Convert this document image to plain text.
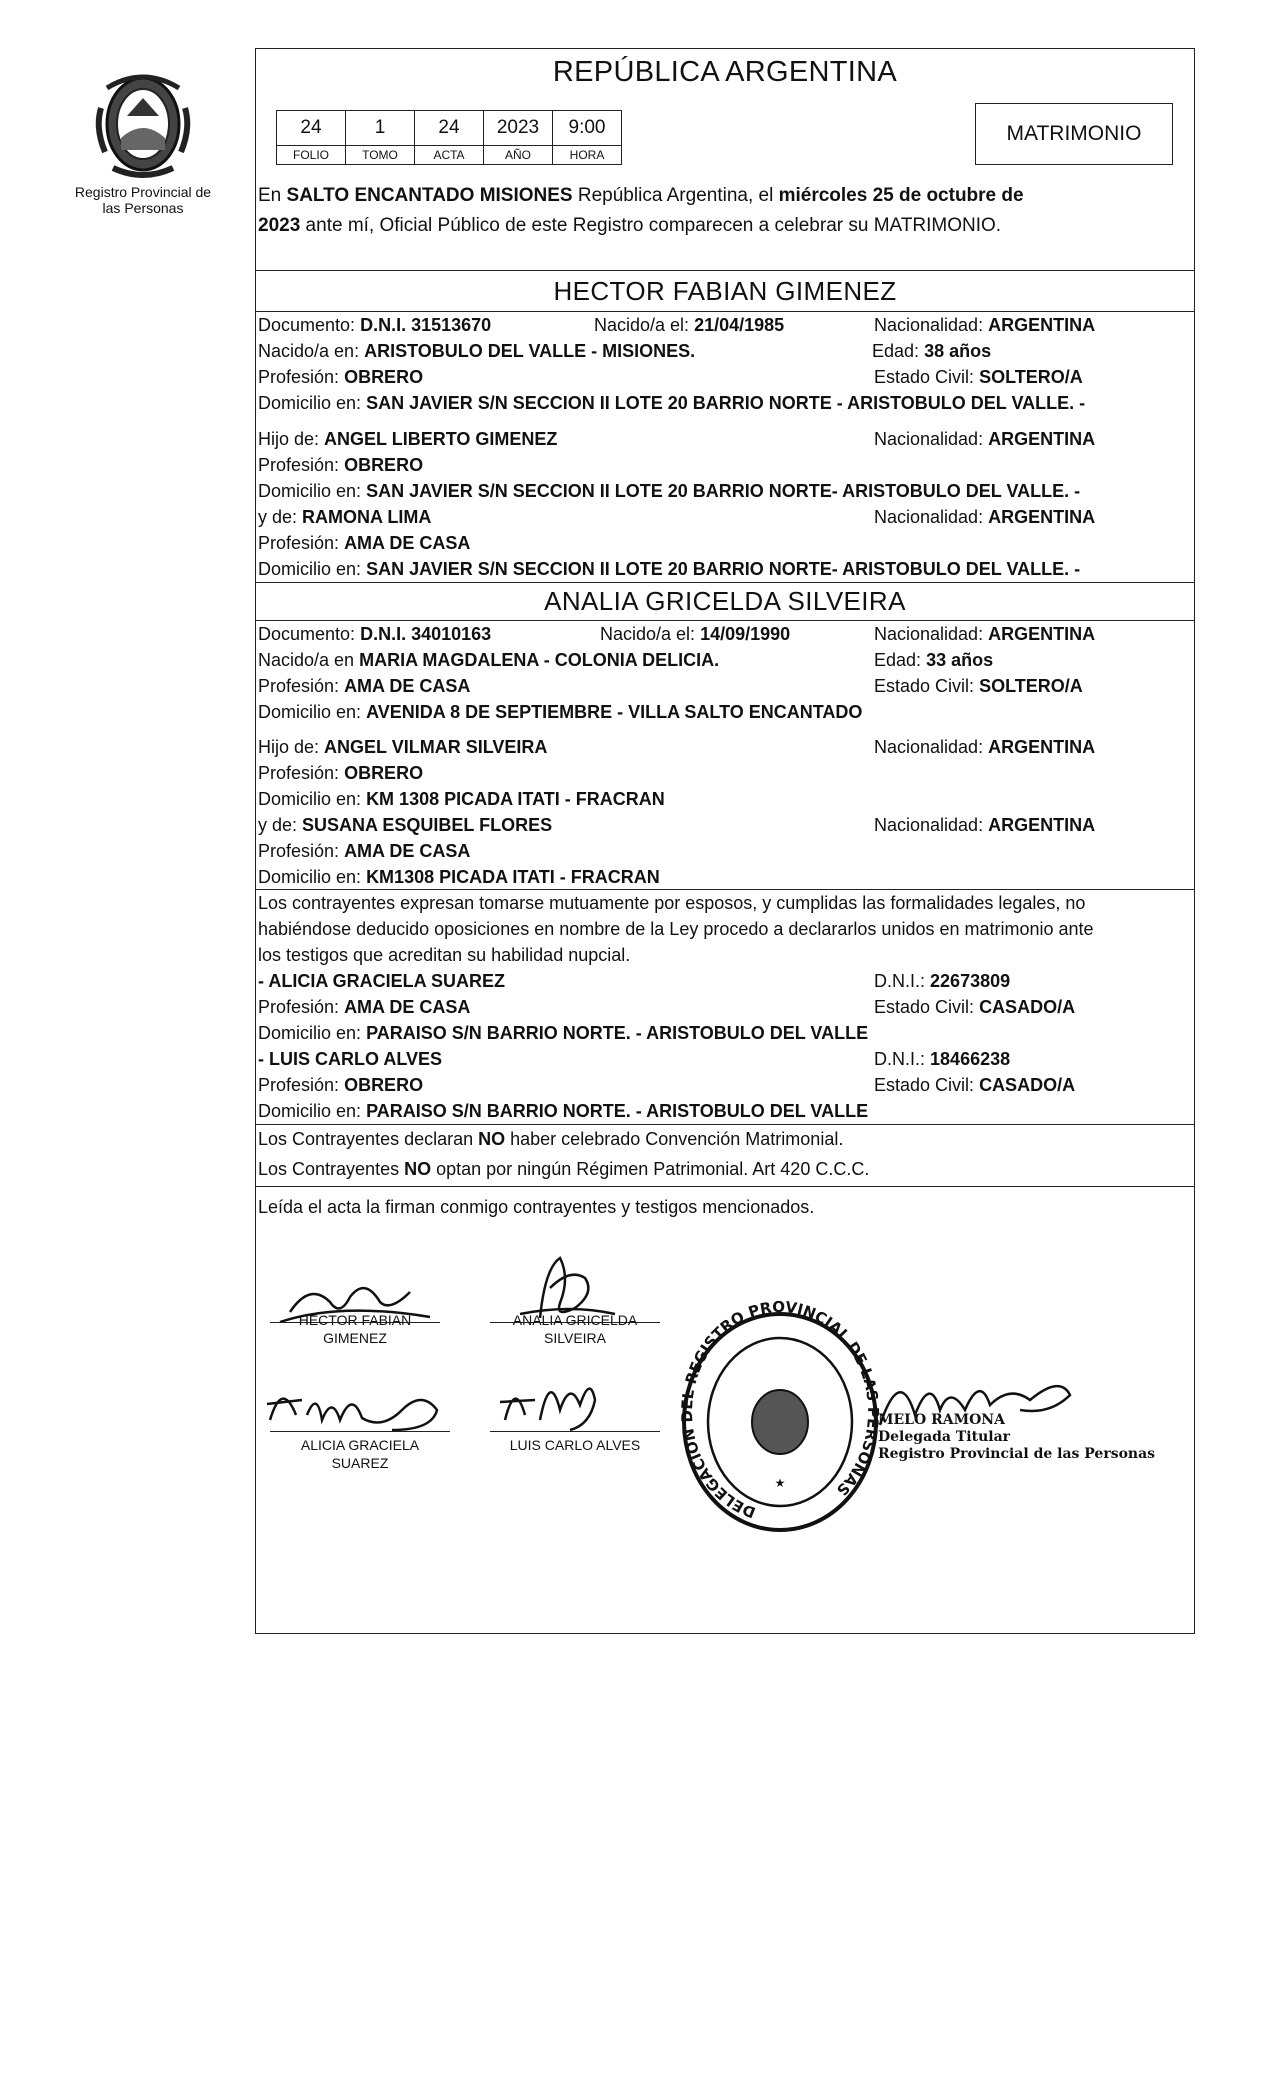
Registro Provincial de las Personas
REPÚBLICA ARGENTINA
24	1	24	2023	9:00
FOLIO	TOMO	ACTA	AÑO	HORA
MATRIMONIO
En SALTO ENCANTADO MISIONES República Argentina, el miércoles 25 de octubre de
2023 ante mí, Oficial Público de este Registro comparecen a celebrar su MATRIMONIO.
HECTOR FABIAN GIMENEZ
Documento: D.N.I. 31513670	Nacido/a el: 21/04/1985	Nacionalidad: ARGENTINA
Nacido/a en: ARISTOBULO DEL VALLE - MISIONES.	Edad: 38 años
Profesión: OBRERO	Estado Civil: SOLTERO/A
Domicilio en: SAN JAVIER S/N SECCION II LOTE 20 BARRIO NORTE - ARISTOBULO DEL VALLE. -
Hijo de: ANGEL LIBERTO GIMENEZ	Nacionalidad: ARGENTINA
Profesión: OBRERO
Domicilio en: SAN JAVIER S/N SECCION II LOTE 20 BARRIO NORTE- ARISTOBULO DEL VALLE. -
y de: RAMONA LIMA	Nacionalidad: ARGENTINA
Profesión: AMA DE CASA
Domicilio en: SAN JAVIER S/N SECCION II LOTE 20 BARRIO NORTE- ARISTOBULO DEL VALLE. -
ANALIA GRICELDA SILVEIRA
Documento: D.N.I. 34010163	Nacido/a el: 14/09/1990	Nacionalidad: ARGENTINA
Nacido/a en MARIA MAGDALENA - COLONIA DELICIA.	Edad: 33 años
Profesión: AMA DE CASA	Estado Civil: SOLTERO/A
Domicilio en: AVENIDA 8 DE SEPTIEMBRE - VILLA SALTO ENCANTADO
Hijo de: ANGEL VILMAR SILVEIRA	Nacionalidad: ARGENTINA
Profesión: OBRERO
Domicilio en: KM 1308 PICADA ITATI - FRACRAN
y de: SUSANA ESQUIBEL FLORES	Nacionalidad: ARGENTINA
Profesión: AMA DE CASA
Domicilio en: KM1308 PICADA ITATI - FRACRAN
Los contrayentes expresan tomarse mutuamente por esposos, y cumplidas las formalidades legales, no
habiéndose deducido oposiciones en nombre de la Ley procedo a declararlos unidos en matrimonio ante
los testigos que acreditan su habilidad nupcial.
- ALICIA GRACIELA SUAREZ	D.N.I.: 22673809
Profesión: AMA DE CASA	Estado Civil: CASADO/A
Domicilio en: PARAISO S/N BARRIO NORTE. - ARISTOBULO DEL VALLE
- LUIS CARLO ALVES	D.N.I.: 18466238
Profesión: OBRERO	Estado Civil: CASADO/A
Domicilio en: PARAISO S/N BARRIO NORTE. - ARISTOBULO DEL VALLE
Los Contrayentes declaran NO haber celebrado Convención Matrimonial.
Los Contrayentes NO optan por ningún Régimen Patrimonial. Art 420 C.C.C.
Leída el acta la firman conmigo contrayentes y testigos mencionados.
HECTOR FABIAN
GIMENEZ
ANALIA GRICELDA
SILVEIRA
ALICIA GRACIELA
SUAREZ
LUIS CARLO ALVES
DELEGACION DEL REGISTRO PROVINCIAL DE LAS PERSONAS
★
MELO RAMONA
Delegada Titular
Registro Provincial de las Personas
